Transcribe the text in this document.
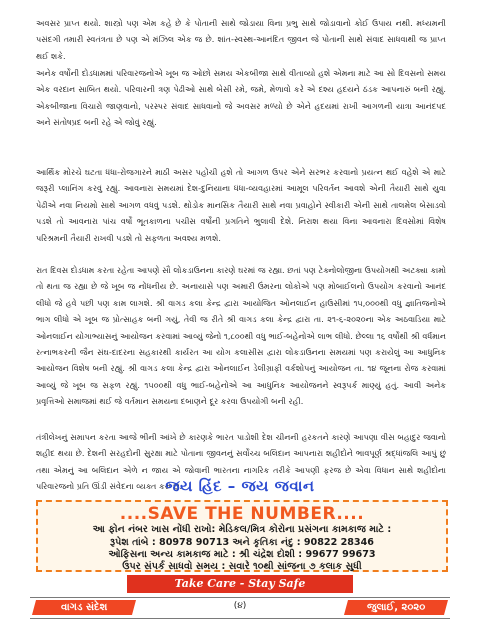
અવસર પ્રાપ્ત થયો. શાસ્ત્રો પણ એમ કહે છે કે પોતાની સાથે જોડાયા વિના પ્રભુ સાથે જોડાવાનો કોઈ ઉપાય નથી. મધ્યમની પસંદગી તમારી સ્વતંત્રતા છે પણ એ મંઝિલ એક જ છે. શાંત-સ્વસ્થ-આનંદિત જીવન જે પોતાની સાથે સંવાદ સાધવાથી જ પ્રાપ્ત થઈ શકે.

અનેક વર્ષોની દોડધામમાં પરિવારજનોએ ખૂબ જ ઓછો સમય એકબીજા સાથે વીતાવ્યો હશે એમના માટે આ સો દિવસનો સમય એક વરદાન સાબિત થયો. પરિવારની ત્રણ પેઢીઓ સાથે બેસી રમે, જમે, મેળાવો કરે એ દશ્ય હદયને ઠંડક આપનારું બની રહ્યું. એકબીજાના વિચારો જાણવાનો, પરસ્પર સંવાદ સાધવાનો જે અવસર મળ્યો છે એને હદયમાં રાખી આગળની યાત્રા આનંદપદ અને સંતોષપ્રદ બની રહે એ જોવું રહ્યું.

આર્થિક મોરચે ઘટતા ધંધા-રોજગારને માઠી અસર પહોંચી હશે તો આગળ ઉપર એને સરભર કરવાનો પ્રયત્ન થઈ વહેશે એ માટે જરૂરી પ્લાનિંગ કરવું રહ્યું. આવનારા સમયમાં દેશ-દુનિયાના ધંધા-વ્યવહારમાં આમૂલ પરિવર્તન આવશે એની તૈયારી સાથે યુવા પેઢીએ નવા નિયમો સાથે આગળ વધવું પડશે. થોડોક માનસિક તૈયારી સાથે નવા પ્રવાહોને સ્વીકારી એની સાથે તાલમેલ બેસાડવો પડશે તો આવનારા પાંચ વર્ષો ભૂતકાળના પચીસ વર્ષોની પ્રગતિને ભુલાવી દેશે. નિરાશ થયા વિના આવનારા દિવસોમાં વિશેષ પરિશ્રમની તૈયારી રાખવી પડશે તો સફળતા અવશ્ય મળશે.

રાત દિવસ દોડધામ કરતા રહેતા આપણે સૌ લોકડાઉનના કારણે ઘરમાં જ રહ્યા. છતાં પણ ટેક્નોલોજીના ઉપયોગથી અટક્યા કામો તો થતા જ રહ્યા છે જે ખૂબ જ નોંધનીય છે. અનાયાસે પણ અમારી ઉંમરના લોકોએ પણ મોબાઈલનો ઉપયોગ કરવાનો આનંદ લીધો જે હવે પછી પણ કામ લાગશે. શ્રી વાગડ કલા કેન્દ્ર દ્વારા આયોજિત ઓનલાઈન હાઉસીમાં ૧૫,૦૦૦થી વધુ જ્ઞાતિજનોએ ભાગ લીધો એ ખૂબ જ પ્રોત્સાહક બની ગયું, તેવી જ રીતે શ્રી વાગડ કલા કેન્દ્ર દ્વારા તા. ૨૧-૬-૨૦૨૦ના એક અઠવાડિયા માટે ઓનલાઈન યોગાભ્યાસનું આયોજન કરવામાં આવ્યું જેનો ૧,૮૦૦થી વધુ ભાઈ-બહેનોએ લાભ લીધો. છેલ્લા ૧૬ વર્ષોથી શ્રી વર્ધમાન રત્નાભકરની જૈન સંઘ-દાદરના સહકારથી કાર્યરત આ યોગ કલાસીસ દ્વારા લોકડાઉનના સમયમાં પણ કરાયેલું આ આધુનિક આયોજન વિશેષ બની રહ્યું. શ્રી વાગડ કલા કેન્દ્ર દ્વારા ઓનલાઈન ડેલીગ્રાફી વર્કશોપનું આયોજન તા. ૧૪ જૂનના રોજ કરવામાં આવ્યું જે ખૂબ જ સફળ રહ્યું. ૧૫૦૦થી વધુ ભાઈ-બહેનોએ આ આધુનિક આયોજનને સ્વરૂપર્ક માણ્યું હતું. આવી અનેક પ્રવૃત્તિઓ સમાજમાં થઈ જે વર્તમાન સમયના દબાણને દૂર કરવા ઉપયોગી બની રહી.

તંત્રીલેખનું સમાપન કરતા આજે ભીની આંખે છે કારણકે ભારત પાડોશી દેશ ચીનની હરકતને કારણે આપણા વીસ બહાદુર જવાનો શહીદ થયા છે. દેશની સરહદોની સુરક્ષા માટે પોતાના જીવનનું સર્વોચ્ચ બલિદાન આપનારા શહીદોને ભાવપૂર્ણ શ્રદ્ધાંજલિ આપું છું તથા એમનું આ બલિદાન એળે ન જાય એ જોવાની ભારતના નાગરિક તરીકે આપણી ફરજ છે એવા વિધાન સાથે શહીદોના પરિવારજનો પ્રતિ ઊંડી સંવેદના વ્યક્ત કરું છું.

જય હિંદ – જય જવાન
....SAVE THE NUMBER....
આ ફોન નંબર ખાસ નોંધી રાખો: મેડિકલ/મિત્ર કોરોના પ્રસંગના કામકાજ માટે :
રૂપેશ તાંબે : 80978 90713 અને કૃતિકા નંદુ : 90822 28346
ઓફિસના અન્ય કામકાજ માટે : શ્રી ચંદ્રેશ દોશી : 99677 99673
ઉપર સંપર્ક સાધવો સમય : સવારે ૧૦થી સાંજના ૭ કલાક સુધી
Take Care - Stay Safe
વાગડ સંદેશ	(૪)	જુલાઈ, ૨૦૨૦
